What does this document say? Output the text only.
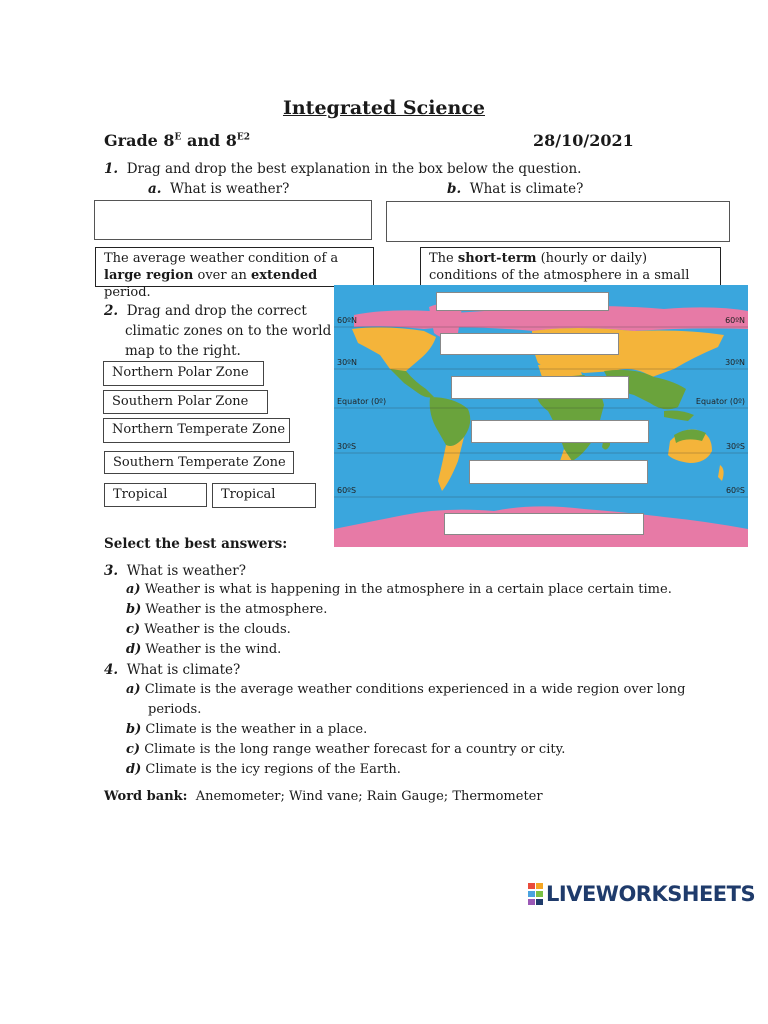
Integrated Science
Grade $8^E$ and $8^{E2}$	28/10/2021
1. Drag and drop the best explanation in the box below the question.
a. What is weather?	b. What is climate?
The average weather condition of a large region over an extended period.
The short-term (hourly or daily) conditions of the atmosphere in a small
2. Drag and drop the correct
climatic zones on to the world
map to the right.
Northern Polar Zone
Southern Polar Zone
Northern Temperate Zone
Southern Temperate Zone
Tropical	Tropical
60ºN
30ºN
Equator (0º)
30ºS
60ºS
60ºN
30ºN
Equator (0º)
30ºS
60ºS
Select the best answers:
3. What is weather?
a) Weather is what is happening in the atmosphere in a certain place certain time.
b) Weather is the atmosphere.
c) Weather is the clouds.
d) Weather is the wind.
4. What is climate?
a) Climate is the average weather conditions experienced in a wide region over long
periods.
b) Climate is the weather in a place.
c) Climate is the long range weather forecast for a country or city.
d) Climate is the icy regions of the Earth.
Word bank: Anemometer; Wind vane; Rain Gauge; Thermometer
LIVEWORKSHEETS
